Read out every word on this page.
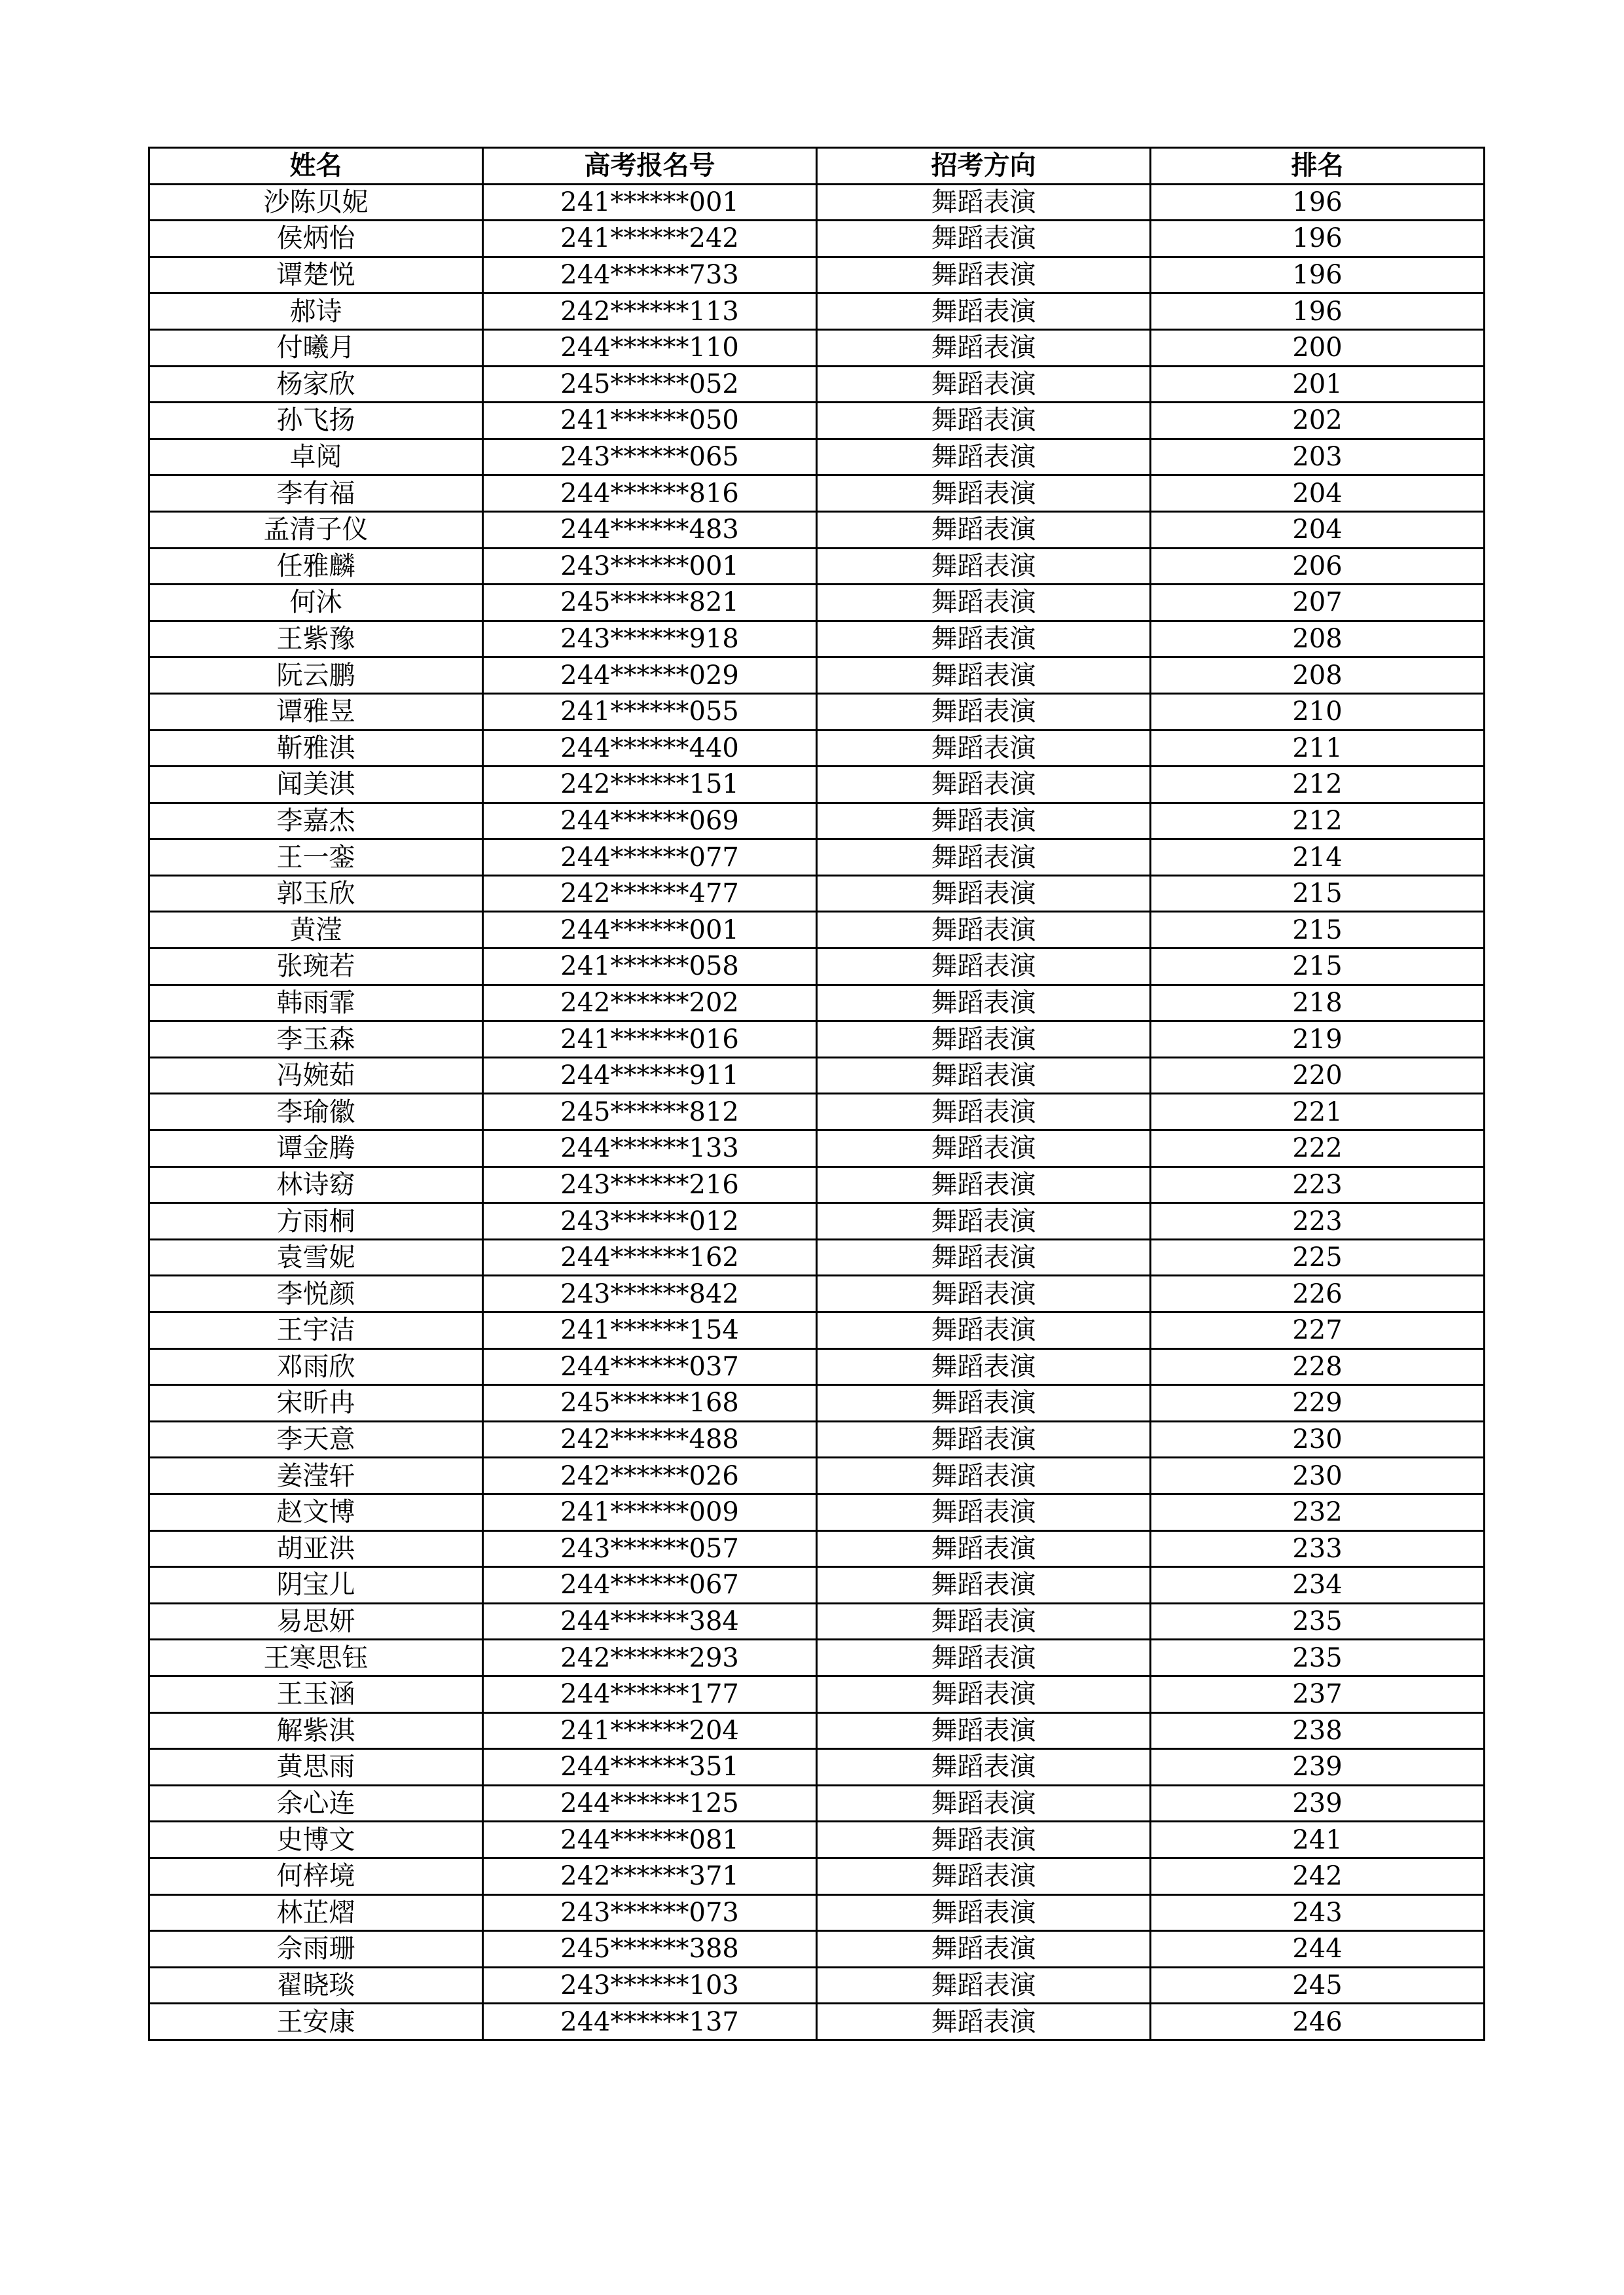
姓名	高考报名号	招考方向	排名
沙陈贝妮	241******001	舞蹈表演	196
侯炳怡	241******242	舞蹈表演	196
谭楚悦	244******733	舞蹈表演	196
郝诗	242******113	舞蹈表演	196
付曦月	244******110	舞蹈表演	200
杨家欣	245******052	舞蹈表演	201
孙飞扬	241******050	舞蹈表演	202
卓阅	243******065	舞蹈表演	203
李有福	244******816	舞蹈表演	204
孟清子仪	244******483	舞蹈表演	204
任雅麟	243******001	舞蹈表演	206
何沐	245******821	舞蹈表演	207
王紫豫	243******918	舞蹈表演	208
阮云鹏	244******029	舞蹈表演	208
谭雅昱	241******055	舞蹈表演	210
靳雅淇	244******440	舞蹈表演	211
闻美淇	242******151	舞蹈表演	212
李嘉杰	244******069	舞蹈表演	212
王一銮	244******077	舞蹈表演	214
郭玉欣	242******477	舞蹈表演	215
黄滢	244******001	舞蹈表演	215
张琬若	241******058	舞蹈表演	215
韩雨霏	242******202	舞蹈表演	218
李玉森	241******016	舞蹈表演	219
冯婉茹	244******911	舞蹈表演	220
李瑜徽	245******812	舞蹈表演	221
谭金腾	244******133	舞蹈表演	222
林诗窈	243******216	舞蹈表演	223
方雨桐	243******012	舞蹈表演	223
袁雪妮	244******162	舞蹈表演	225
李悦颜	243******842	舞蹈表演	226
王宇洁	241******154	舞蹈表演	227
邓雨欣	244******037	舞蹈表演	228
宋昕冉	245******168	舞蹈表演	229
李天意	242******488	舞蹈表演	230
姜滢轩	242******026	舞蹈表演	230
赵文博	241******009	舞蹈表演	232
胡亚洪	243******057	舞蹈表演	233
阴宝儿	244******067	舞蹈表演	234
易思妍	244******384	舞蹈表演	235
王寒思钰	242******293	舞蹈表演	235
王玉涵	244******177	舞蹈表演	237
解紫淇	241******204	舞蹈表演	238
黄思雨	244******351	舞蹈表演	239
余心连	244******125	舞蹈表演	239
史博文	244******081	舞蹈表演	241
何梓境	242******371	舞蹈表演	242
林芷熠	243******073	舞蹈表演	243
佘雨珊	245******388	舞蹈表演	244
翟晓琰	243******103	舞蹈表演	245
王安康	244******137	舞蹈表演	246
